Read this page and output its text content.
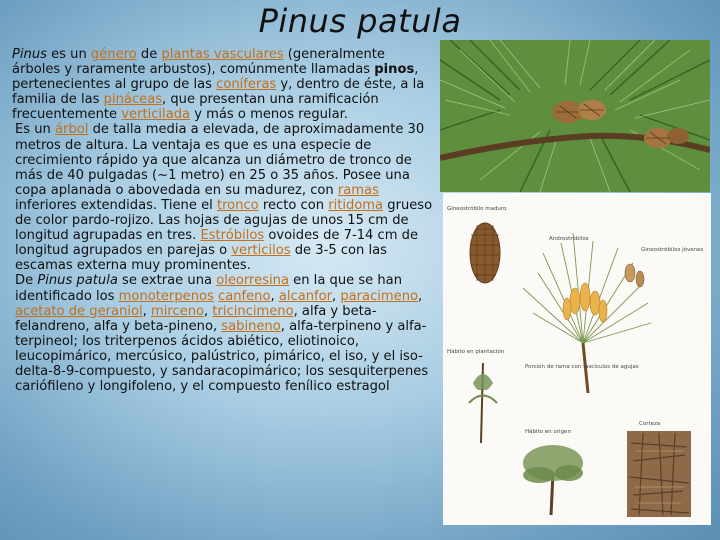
Pinus patula

Pinus es un género de plantas vasculares (generalmente árboles y raramente arbustos), comúnmente llamadas pinos, pertenecientes al grupo de las coníferas y, dentro de éste, a la familia de las pináceas, que presentan una ramificación frecuentemente verticilada y más o menos regular.

Es un árbol de talla media a elevada, de aproximadamente 30 metros de altura. La ventaja es que es una especie de crecimiento rápido ya que alcanza un diámetro de tronco de más de 40 pulgadas (~1 metro) en 25 o 35 años. Posee una copa aplanada o abovedada en su madurez, con ramas inferiores extendidas. Tiene el tronco recto con ritidoma grueso de color pardo-rojizo. Las hojas de agujas de unos 15 cm de longitud agrupadas en tres. Estróbilos ovoides de 7-14 cm de longitud agrupados en parejas o verticilos de 3-5 con las escamas externa muy prominentes.

De Pinus patula se extrae una oleorresina en la que se han identificado los monoterpenos canfeno, alcanfor, paracimeno, acetato de geraniol, mirceno, tricincimeno, alfa y beta-felandreno, alfa y beta-pineno, sabineno, alfa-terpineno y alfa-terpineol; los triterpenos ácidos abiético, eliotinoico, leucopimárico, mercúsico, palústrico, pimárico, el iso, y el iso-delta-8-9-compuesto, y sandaracopimárico; los sesquiterpenes cariófileno y longifoleno, y el compuesto fenílico estragol

Gineostróbilo maduro
Androstróbilos
Gineostróbilos jóvenes
Hábito en plantación
Porción de rama con fascículos de agujas
Corteza
Hábito en origen
